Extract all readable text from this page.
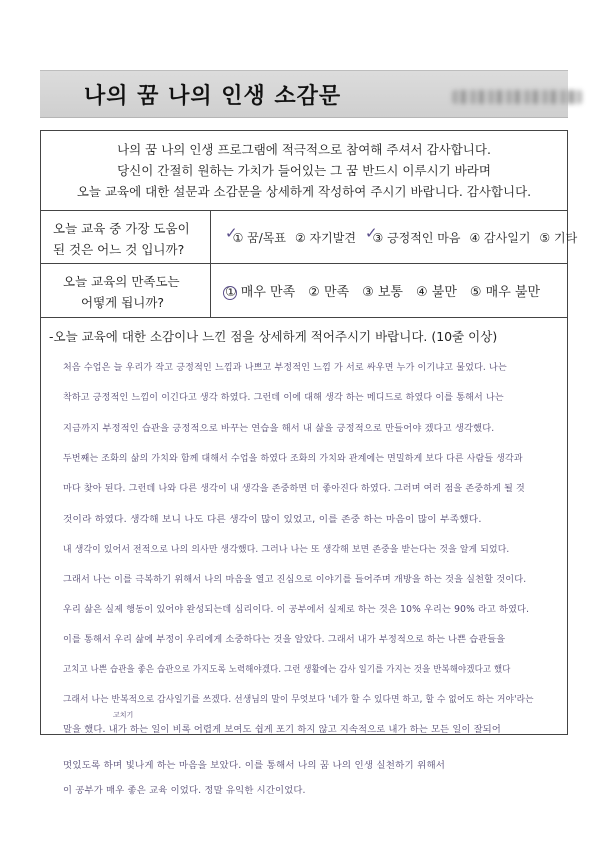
나의 꿈 나의 인생 소감문
나의 꿈 나의 인생 프로그램에 적극적으로 참여해 주셔서 감사합니다.
당신이 간절히 원하는 가치가 들어있는 그 꿈 반드시 이루시기 바라며
오늘 교육에 대한 설문과 소감문을 상세하게 작성하여 주시기 바랍니다. 감사합니다.
오늘 교육 중 가장 도움이
된 것은 어느 것 입니까?
✓
① 꿈/목표 ② 자기발견 ✓
③ 긍정적인 마음 ④ 감사일기 ⑤ 기타
오늘 교육의 만족도는
어떻게 됩니까?
① 매우 만족 ② 만족 ③ 보통 ④ 불만 ⑤ 매우 불만
-오늘 교육에 대한 소감이나 느낀 점을 상세하게 적어주시기 바랍니다. (10줄 이상)
처음 수업은 늘 우리가 작고 긍정적인 느낌과 나쁘고 부정적인 느낌 가 서로 싸우면 누가 이기냐고 물었다. 나는
착하고 긍정적인 느낌이 이긴다고 생각 하였다. 그런데 이에 대해 생각 하는 메디드로 하였다 이를 통해서 나는
지금까지 부정적인 습관을 긍정적으로 바꾸는 연습을 해서 내 삶을 긍정적으로 만들어야 겠다고 생각했다.
두번째는 조화의 삶의 가치와 함께 대해서 수업을 하였다 조화의 가치와 관계에는 면밀하게 보다 다른 사람들 생각과
마다 찾아 된다. 그런데 나와 다른 생각이 내 생각을 존중하면 더 좋아진다 하였다. 그러며 여러 점을 존중하게 될 것
것이라 하였다. 생각해 보니 나도 다른 생각이 많이 있었고, 이를 존중 하는 마음이 많이 부족했다.
내 생각이 있어서 전적으로 나의 의사만 생각했다. 그러나 나는 또 생각해 보면 존중을 받는다는 것을 알게 되었다.
그래서 나는 이를 극복하기 위해서 나의 마음을 열고 진심으로 이야기를 들어주며 개방을 하는 것을 실천할 것이다.
우리 삶은 실제 행동이 있어야 완성되는데 심리이다. 이 공부에서 실제로 하는 것은 10% 우리는 90% 라고 하였다.
이를 통해서 우리 삶에 부정이 우리에게 소중하다는 것을 알았다. 그래서 내가 부정적으로 하는 나쁜 습관들을
고치고 나쁜 습관을 좋은 습관으로 가지도록 노력해야겠다. 그런 생활에는 감사 일기를 가지는 것을 반복해야겠다고 했다
그래서 나는 반복적으로 감사일기를 쓰겠다. 선생님의 말이 무엇보다 '네가 할 수 있다면 하고, 할 수 없어도 하는 거야'라는
고치기
말을 했다. 내가 하는 일이 비록 어렵게 보여도 쉽게 포기 하지 않고 지속적으로 내가 하는 모든 일이 잘되어
멋있도록 하며 빛나게 하는 마음을 보았다. 이를 통해서 나의 꿈 나의 인생 실천하기 위해서
이 공부가 매우 좋은 교육 이었다. 정말 유익한 시간이었다.
